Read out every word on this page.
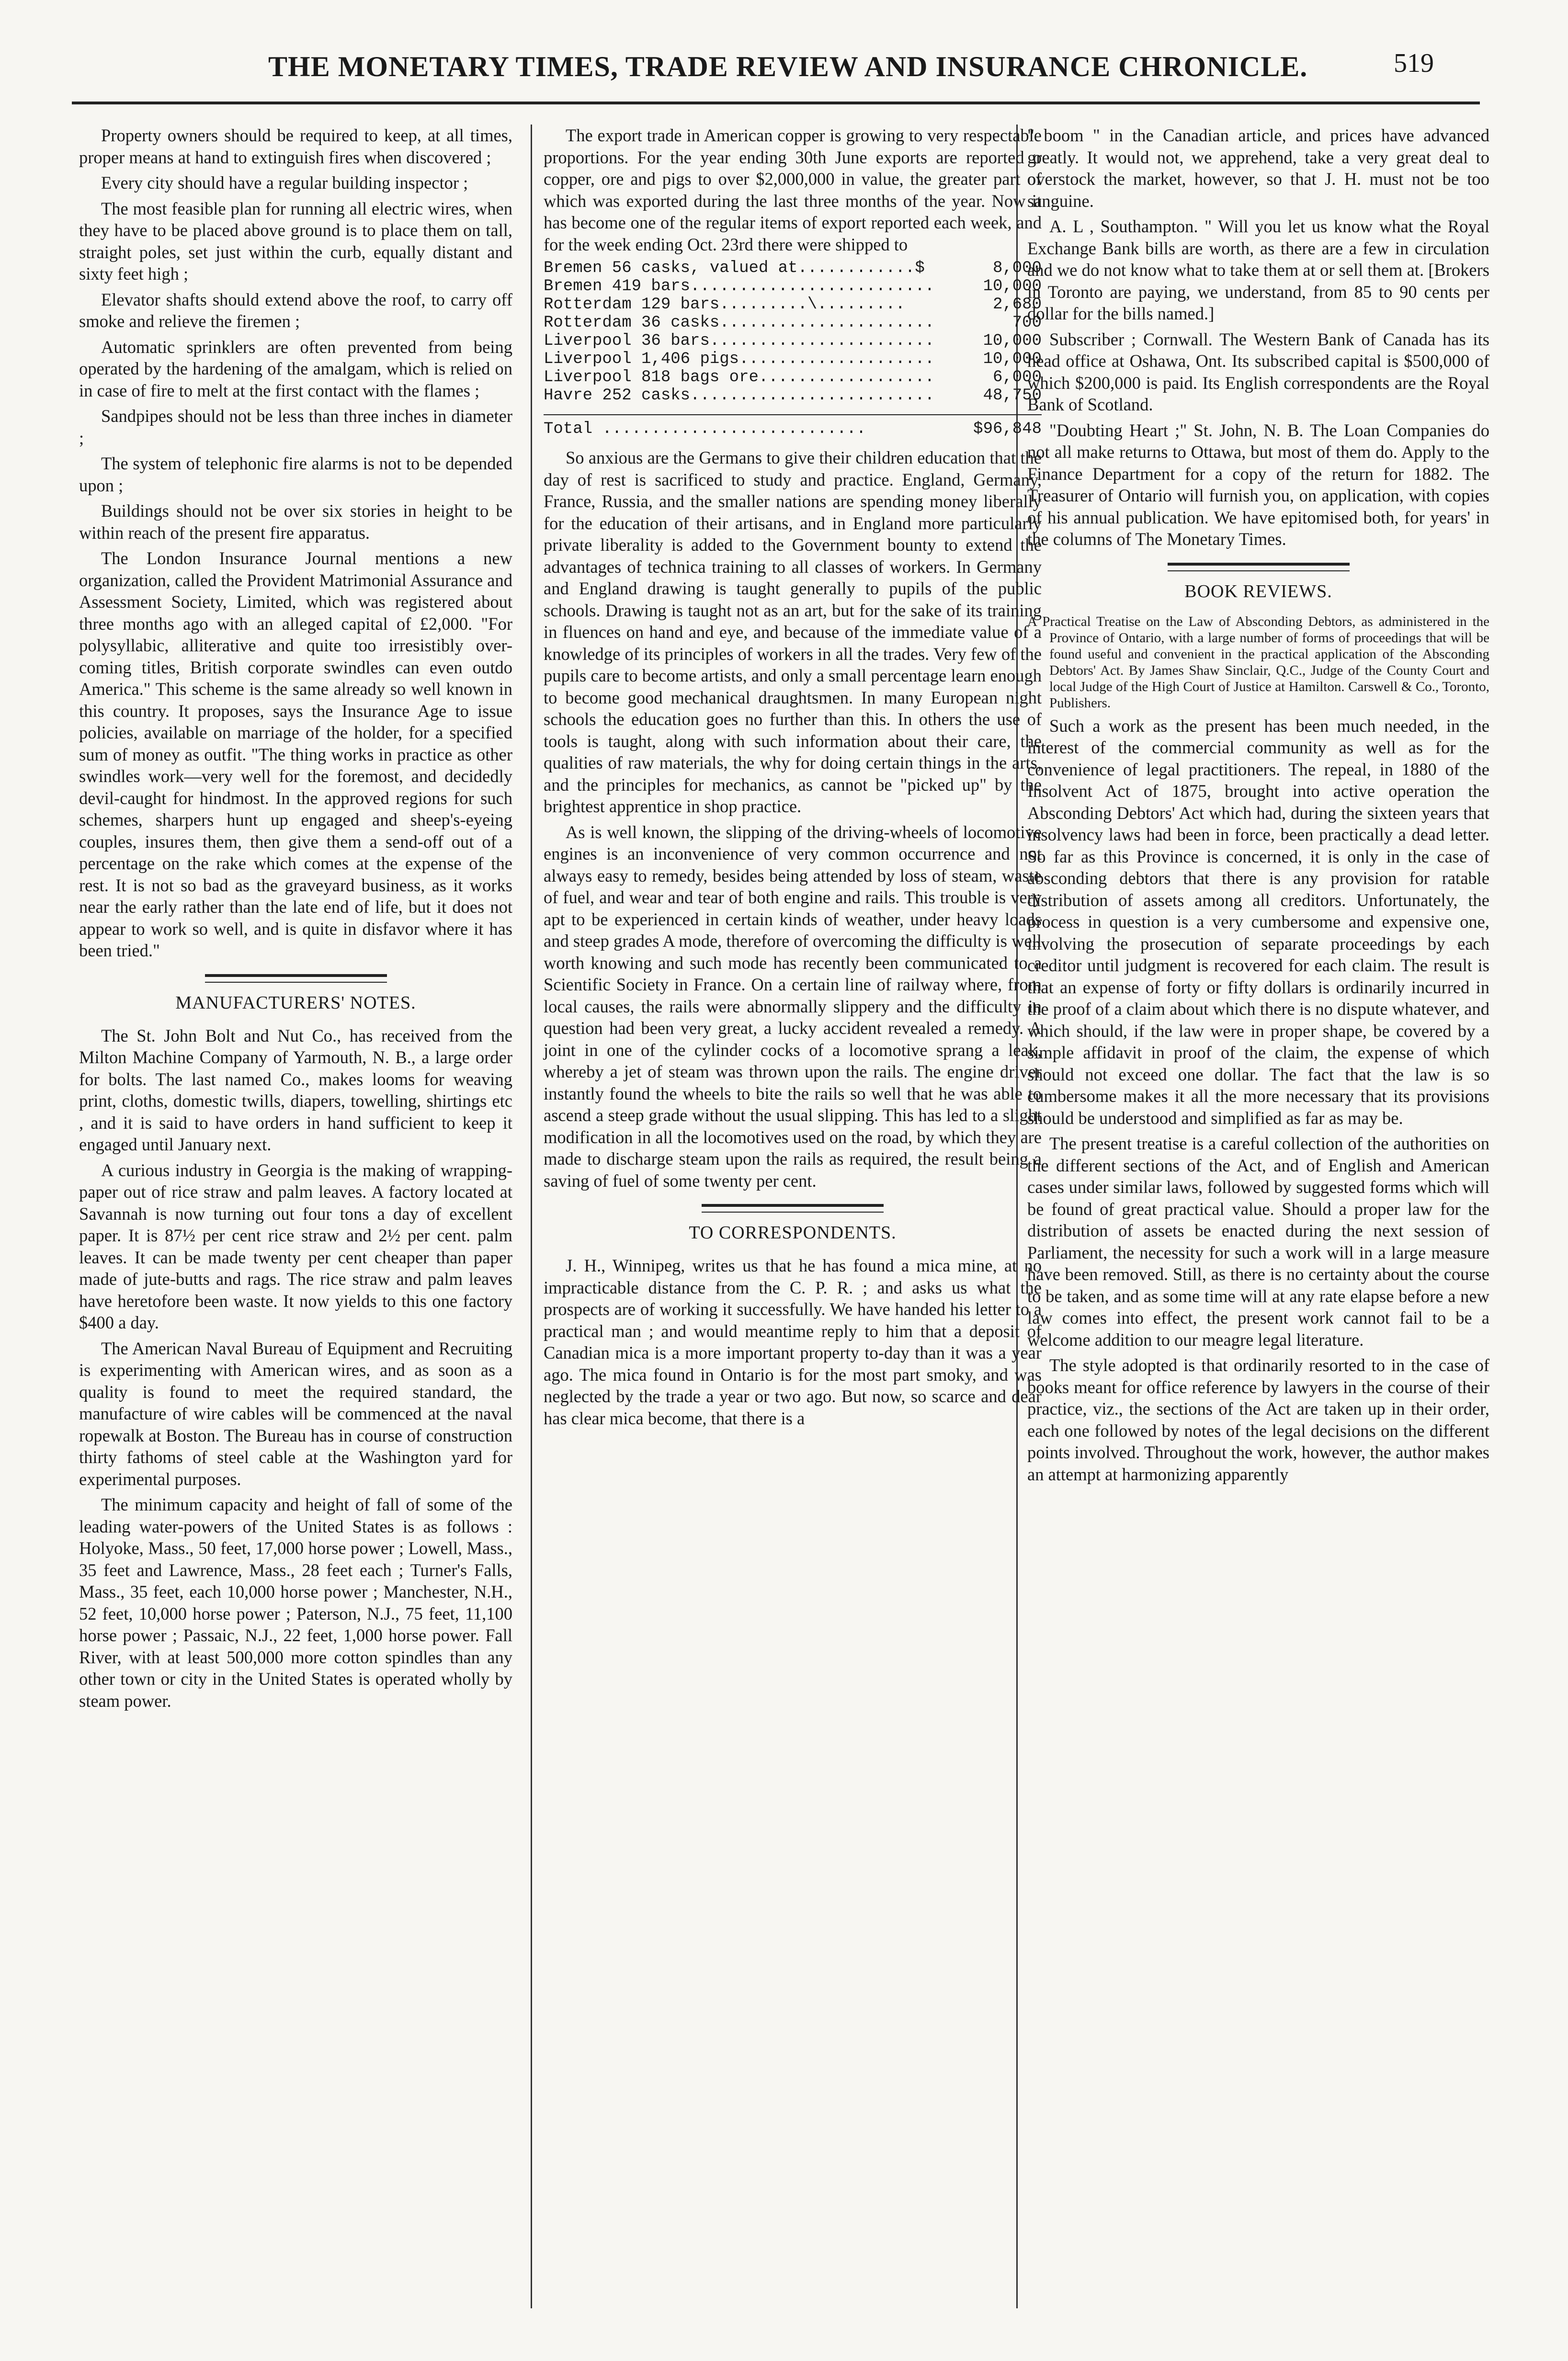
THE MONETARY TIMES, TRADE REVIEW AND INSURANCE CHRONICLE.	519

Property owners should be required to keep, at all times, proper means at hand to extinguish fires when discovered ;

Every city should have a regular building inspector ;

The most feasible plan for running all electric wires, when they have to be placed above ground is to place them on tall, straight poles, set just within the curb, equally distant and sixty feet high ;

Elevator shafts should extend above the roof, to carry off smoke and relieve the firemen ;

Automatic sprinklers are often prevented from being operated by the hardening of the amalgam, which is relied on in case of fire to melt at the first contact with the flames ;

Sandpipes should not be less than three inches in diameter ;

The system of telephonic fire alarms is not to be depended upon ;

Buildings should not be over six stories in height to be within reach of the present fire apparatus.

The London Insurance Journal mentions a new organization, called the Provident Matrimonial Assurance and Assessment Society, Limited, which was registered about three months ago with an alleged capital of £2,000. "For polysyllabic, alliterative and quite too irresistibly over-coming titles, British corporate swindles can even outdo America." This scheme is the same already so well known in this country. It proposes, says the Insurance Age to issue policies, available on marriage of the holder, for a specified sum of money as outfit. "The thing works in practice as other swindles work—very well for the foremost, and decidedly devil-caught for hindmost. In the approved regions for such schemes, sharpers hunt up engaged and sheep's-eyeing couples, insures them, then give them a send-off out of a percentage on the rake which comes at the expense of the rest. It is not so bad as the graveyard business, as it works near the early rather than the late end of life, but it does not appear to work so well, and is quite in disfavor where it has been tried."

MANUFACTURERS' NOTES.

The St. John Bolt and Nut Co., has received from the Milton Machine Company of Yarmouth, N. B., a large order for bolts. The last named Co., makes looms for weaving print, cloths, domestic twills, diapers, towelling, shirtings etc , and it is said to have orders in hand sufficient to keep it engaged until January next.

A curious industry in Georgia is the making of wrapping-paper out of rice straw and palm leaves. A factory located at Savannah is now turning out four tons a day of excellent paper. It is 87½ per cent rice straw and 2½ per cent. palm leaves. It can be made twenty per cent cheaper than paper made of jute-butts and rags. The rice straw and palm leaves have heretofore been waste. It now yields to this one factory $400 a day.

The American Naval Bureau of Equipment and Recruiting is experimenting with American wires, and as soon as a quality is found to meet the required standard, the manufacture of wire cables will be commenced at the naval ropewalk at Boston. The Bureau has in course of construction thirty fathoms of steel cable at the Washington yard for experimental purposes.

The minimum capacity and height of fall of some of the leading water-powers of the United States is as follows : Holyoke, Mass., 50 feet, 17,000 horse power ; Lowell, Mass., 35 feet and Lawrence, Mass., 28 feet each ; Turner's Falls, Mass., 35 feet, each 10,000 horse power ; Manchester, N.H., 52 feet, 10,000 horse power ; Paterson, N.J., 75 feet, 11,100 horse power ; Passaic, N.J., 22 feet, 1,000 horse power. Fall River, with at least 500,000 more cotton spindles than any other town or city in the United States is operated wholly by steam power.

The export trade in American copper is growing to very respectable proportions. For the year ending 30th June exports are reported o copper, ore and pigs to over $2,000,000 in value, the greater part of which was exported during the last three months of the year. Now it has become one of the regular items of export reported each week, and for the week ending Oct. 23rd there were shipped to

Bremen 56 casks, valued at............$	8,000
Bremen 419 bars.........................	10,000
Rotterdam 129 bars.........\.........	2,680
Rotterdam 36 casks......................	700
Liverpool 36 bars.......................	10,000
Liverpool 1,406 pigs....................	10,000
Liverpool 818 bags ore..................	6,000
Havre 252 casks.........................	48,750
Total ...........................	$96,848

So anxious are the Germans to give their children education that the day of rest is sacrificed to study and practice. England, Germany, France, Russia, and the smaller nations are spending money liberally for the education of their artisans, and in England more particularly private liberality is added to the Government bounty to extend the advantages of technica training to all classes of workers. In Germany and England drawing is taught generally to pupils of the public schools. Drawing is taught not as an art, but for the sake of its training in fluences on hand and eye, and because of the immediate value of a knowledge of its principles of workers in all the trades. Very few of the pupils care to become artists, and only a small percentage learn enough to become good mechanical draughtsmen. In many European night schools the education goes no further than this. In others the use of tools is taught, along with such information about their care, the qualities of raw materials, the why for doing certain things in the arts, and the principles for mechanics, as cannot be "picked up" by the brightest apprentice in shop practice.

As is well known, the slipping of the driving-wheels of locomotive engines is an inconvenience of very common occurrence and not always easy to remedy, besides being attended by loss of steam, waste of fuel, and wear and tear of both engine and rails. This trouble is very apt to be experienced in certain kinds of weather, under heavy loads and steep grades A mode, therefore of overcoming the difficulty is well worth knowing and such mode has recently been communicated to a Scientific Society in France. On a certain line of railway where, from local causes, the rails were abnormally slippery and the difficulty in question had been very great, a lucky accident revealed a remedy. A joint in one of the cylinder cocks of a locomotive sprang a leak, whereby a jet of steam was thrown upon the rails. The engine driver instantly found the wheels to bite the rails so well that he was able to ascend a steep grade without the usual slipping. This has led to a slight modification in all the locomotives used on the road, by which they are made to discharge steam upon the rails as required, the result being a saving of fuel of some twenty per cent.

TO CORRESPONDENTS.

J. H., Winnipeg, writes us that he has found a mica mine, at no impracticable distance from the C. P. R. ; and asks us what the prospects are of working it successfully. We have handed his letter to a practical man ; and would meantime reply to him that a deposit of Canadian mica is a more important property to-day than it was a year ago. The mica found in Ontario is for the most part smoky, and was neglected by the trade a year or two ago. But now, so scarce and dear has clear mica become, that there is a

" boom " in the Canadian article, and prices have advanced greatly. It would not, we apprehend, take a very great deal to overstock the market, however, so that J. H. must not be too sanguine.

A. L , Southampton. " Will you let us know what the Royal Exchange Bank bills are worth, as there are a few in circulation and we do not know what to take them at or sell them at. [Brokers in Toronto are paying, we understand, from 85 to 90 cents per dollar for the bills named.]

Subscriber ; Cornwall. The Western Bank of Canada has its head office at Oshawa, Ont. Its subscribed capital is $500,000 of which $200,000 is paid. Its English correspondents are the Royal Bank of Scotland.

"Doubting Heart ;" St. John, N. B. The Loan Companies do not all make returns to Ottawa, but most of them do. Apply to the Finance Department for a copy of the return for 1882. The Treasurer of Ontario will furnish you, on application, with copies of his annual publication. We have epitomised both, for years' in the columns of The Monetary Times.

BOOK REVIEWS.

A Practical Treatise on the Law of Absconding Debtors, as administered in the Province of Ontario, with a large number of forms of proceedings that will be found useful and convenient in the practical application of the Absconding Debtors' Act. By James Shaw Sinclair, Q.C., Judge of the County Court and local Judge of the High Court of Justice at Hamilton. Carswell & Co., Toronto, Publishers.

Such a work as the present has been much needed, in the interest of the commercial community as well as for the convenience of legal practitioners. The repeal, in 1880 of the Insolvent Act of 1875, brought into active operation the Absconding Debtors' Act which had, during the sixteen years that insolvency laws had been in force, been practically a dead letter. So far as this Province is concerned, it is only in the case of absconding debtors that there is any provision for ratable distribution of assets among all creditors. Unfortunately, the process in question is a very cumbersome and expensive one, involving the prosecution of separate proceedings by each creditor until judgment is recovered for each claim. The result is that an expense of forty or fifty dollars is ordinarily incurred in the proof of a claim about which there is no dispute whatever, and which should, if the law were in proper shape, be covered by a simple affidavit in proof of the claim, the expense of which should not exceed one dollar. The fact that the law is so cumbersome makes it all the more necessary that its provisions should be understood and simplified as far as may be.

The present treatise is a careful collection of the authorities on the different sections of the Act, and of English and American cases under similar laws, followed by suggested forms which will be found of great practical value. Should a proper law for the distribution of assets be enacted during the next session of Parliament, the necessity for such a work will in a large measure have been removed. Still, as there is no certainty about the course to be taken, and as some time will at any rate elapse before a new law comes into effect, the present work cannot fail to be a welcome addition to our meagre legal literature.

The style adopted is that ordinarily resorted to in the case of books meant for office reference by lawyers in the course of their practice, viz., the sections of the Act are taken up in their order, each one followed by notes of the legal decisions on the different points involved. Throughout the work, however, the author makes an attempt at harmonizing apparently
